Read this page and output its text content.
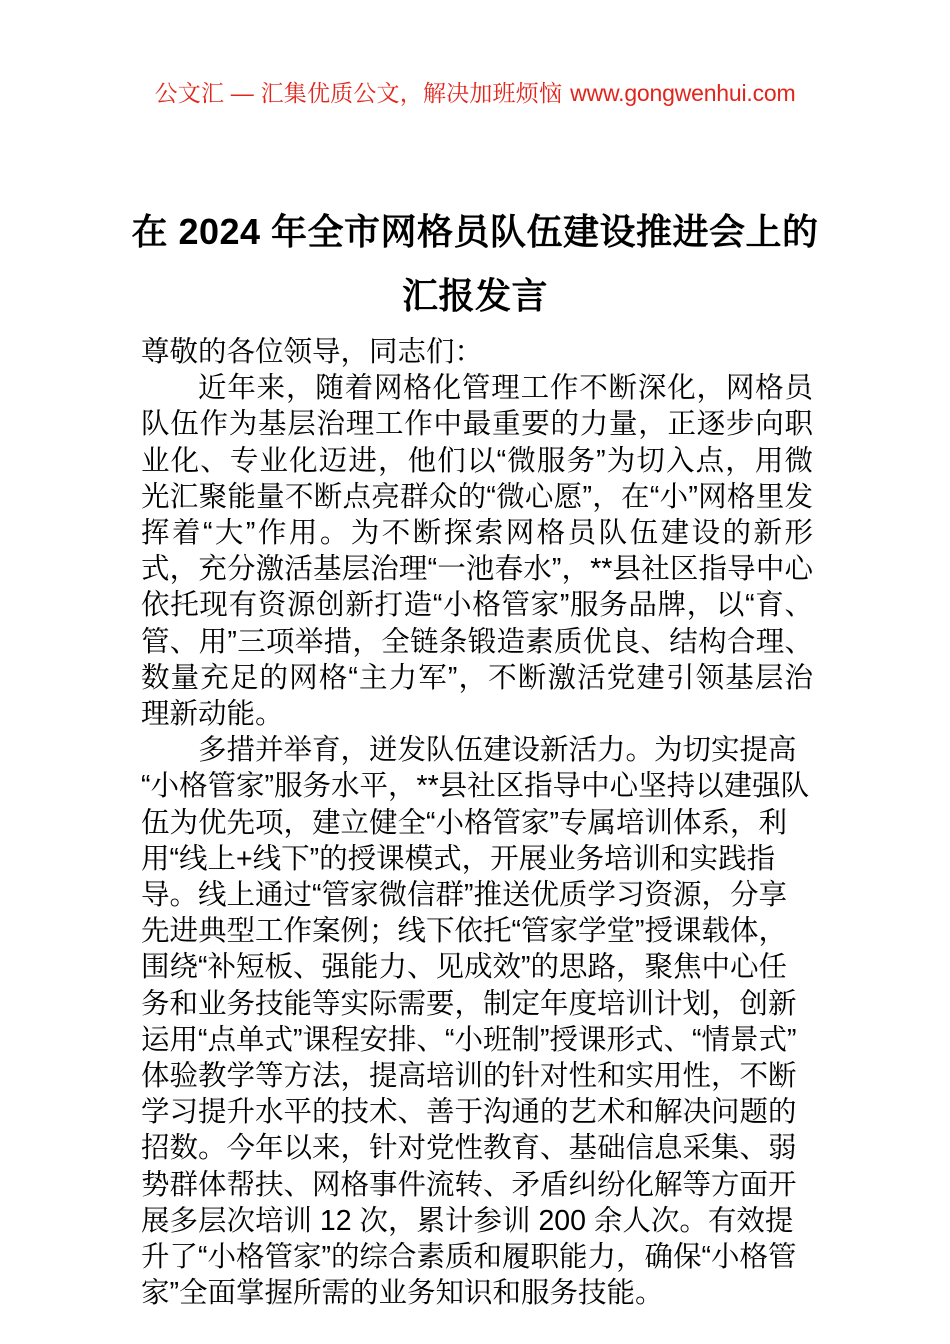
公文汇 — 汇集优质公文，解决加班烦恼 www.gongwenhui.com
在 2024 年全市网格员队伍建设推进会上的
汇报发言

尊敬的各位领导，同志们：

近年来，随着网格化管理工作不断深化，网格员队伍作为基层治理工作中最重要的力量，正逐步向职业化、专业化迈进，他们以“微服务”为切入点，用微光汇聚能量不断点亮群众的“微心愿”，在“小”网格里发挥着“大”作用。为不断探索网格员队伍建设的新形式，充分激活基层治理“一池春水”，**县社区指导中心依托现有资源创新打造“小格管家”服务品牌，以“育、管、用”三项举措，全链条锻造素质优良、结构合理、数量充足的网格“主力军”，不断激活党建引领基层治理新动能。

多措并举育，迸发队伍建设新活力。为切实提高“小格管家”服务水平，**县社区指导中心坚持以建强队伍为优先项，建立健全“小格管家”专属培训体系，利用“线上+线下”的授课模式，开展业务培训和实践指导。线上通过“管家微信群”推送优质学习资源，分享先进典型工作案例；线下依托“管家学堂”授课载体，围绕“补短板、强能力、见成效”的思路，聚焦中心任务和业务技能等实际需要，制定年度培训计划，创新运用“点单式”课程安排、“小班制”授课形式、“情景式”体验教学等方法，提高培训的针对性和实用性，不断学习提升水平的技术、善于沟通的艺术和解决问题的招数。今年以来，针对党性教育、基础信息采集、弱势群体帮扶、网格事件流转、矛盾纠纷化解等方面开展多层次培训 12 次，累计参训 200 余人次。有效提升了“小格管家”的综合素质和履职能力，确保“小格管家”全面掌握所需的业务知识和服务技能。
